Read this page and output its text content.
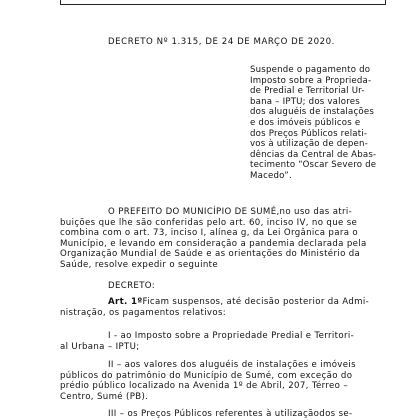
DECRETO Nº 1.315, DE 24 DE MARÇO DE 2020.

Suspende o pagamento do
Imposto sobre a Proprieda-
de Predial e Territorial Ur-
bana – IPTU; dos valores
dos aluguéis de instalações
e dos imóveis públicos e
dos Preços Públicos relati-
vos à utilização de depen-
dências da Central de Abas-
tecimento “Oscar Severo de
Macedo”.
O PREFEITO DO MUNICÍPIO DE SUMÉ,no uso das atri-
buições que lhe são conferidas pelo art. 60, inciso IV, no que se
combina com o art. 73, inciso I, alínea g, da Lei Orgânica para o
Município, e levando em consideração a pandemia declarada pela
Organização Mundial de Saúde e as orientações do Ministério da
Saúde, resolve expedir o seguinte

DECRETO:

Art. 1ºFicam suspensos, até decisão posterior da Admi-
nistração, os pagamentos relativos:
I - ao Imposto sobre a Propriedade Predial e Territori-
al Urbana – IPTU;
II – aos valores dos aluguéis de instalações e imóveis
públicos do patrimônio do Município de Sumé, com exceção do
prédio público localizado na Avenida 1º de Abril, 207, Térreo –
Centro, Sumé (PB).
III – os Preços Públicos referentes à utilizaçãodos se-
